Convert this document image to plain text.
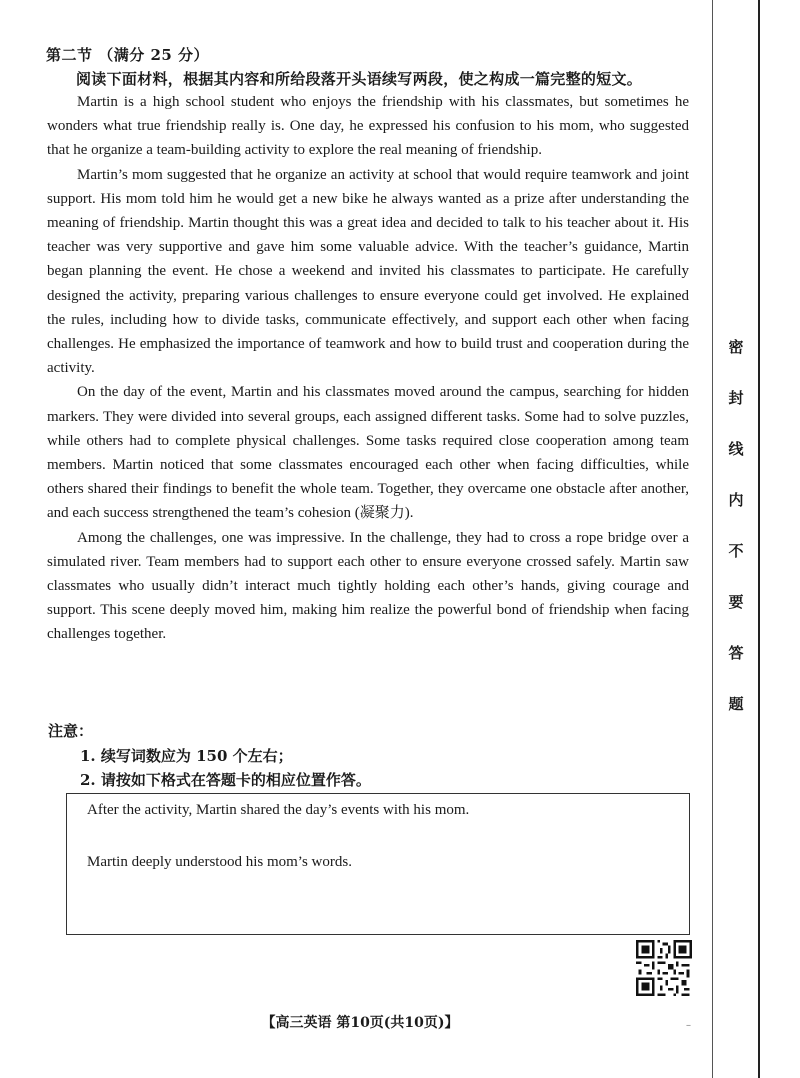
第二节 （满分 25 分）
阅读下面材料，根据其内容和所给段落开头语续写两段，使之构成一篇完整的短文。

Martin is a high school student who enjoys the friendship with his classmates, but sometimes he wonders what true friendship really is. One day, he expressed his confusion to his mom, who suggested that he organize a team-building activity to explore the real meaning of friendship.

Martin’s mom suggested that he organize an activity at school that would require teamwork and joint support. His mom told him he would get a new bike he always wanted as a prize after understanding the meaning of friendship. Martin thought this was a great idea and decided to talk to his teacher about it. His teacher was very supportive and gave him some valuable advice. With the teacher’s guidance, Martin began planning the event. He chose a weekend and invited his classmates to participate. He carefully designed the activity, preparing various challenges to ensure everyone could get involved. He explained the rules, including how to divide tasks, communicate effectively, and support each other when facing challenges. He emphasized the importance of teamwork and how to build trust and cooperation during the activity.

On the day of the event, Martin and his classmates moved around the campus, searching for hidden markers. They were divided into several groups, each assigned different tasks. Some had to solve puzzles, while others had to complete physical challenges. Some tasks required close cooperation among team members. Martin noticed that some classmates encouraged each other when facing difficulties, while others shared their findings to benefit the whole team. Together, they overcame one obstacle after another, and each success strengthened the team’s cohesion (凝聚力).

Among the challenges, one was impressive. In the challenge, they had to cross a rope bridge over a simulated river. Team members had to support each other to ensure everyone crossed safely. Martin saw classmates who usually didn’t interact much tightly holding each other’s hands, giving courage and support. This scene deeply moved him, making him realize the powerful bond of friendship when facing challenges together.

注意：
1. 续写词数应为 150 个左右；
2. 请按如下格式在答题卡的相应位置作答。
After the activity, Martin shared the day’s events with his mom.
Martin deeply understood his mom’s words.
【高三英语 第10页(共10页)】	–
密
封
线
内
不
要
答
题
